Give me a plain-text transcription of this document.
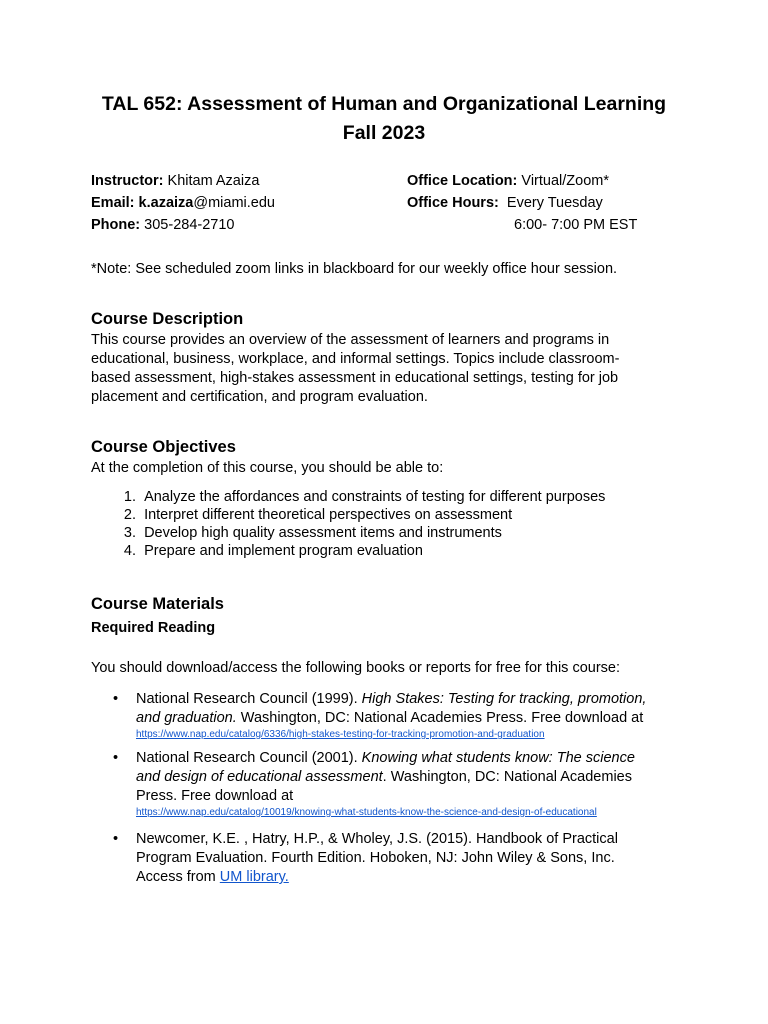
TAL 652: Assessment of Human and Organizational Learning
Fall 2023
Instructor: Khitam Azaiza
Email: k.azaiza@miami.edu
Phone: 305-284-2710
Office Location: Virtual/Zoom*
Office Hours:  Every Tuesday
6:00- 7:00 PM EST
*Note: See scheduled zoom links in blackboard for our weekly office hour session.
Course Description
This course provides an overview of the assessment of learners and programs in
educational, business, workplace, and informal settings. Topics include classroom-
based assessment, high-stakes assessment in educational settings, testing for job
placement and certification, and program evaluation.
Course Objectives
At the completion of this course, you should be able to:
1. Analyze the affordances and constraints of testing for different purposes
2. Interpret different theoretical perspectives on assessment
3. Develop high quality assessment items and instruments
4. Prepare and implement program evaluation
Course Materials
Required Reading
You should download/access the following books or reports for free for this course:
• National Research Council (1999). High Stakes: Testing for tracking, promotion,
and graduation. Washington, DC: National Academies Press. Free download at
https://www.nap.edu/catalog/6336/high-stakes-testing-for-tracking-promotion-and-graduation
• National Research Council (2001). Knowing what students know: The science
and design of educational assessment. Washington, DC: National Academies
Press. Free download at
https://www.nap.edu/catalog/10019/knowing-what-students-know-the-science-and-design-of-educational
• Newcomer, K.E. , Hatry, H.P., & Wholey, J.S. (2015). Handbook of Practical
Program Evaluation. Fourth Edition. Hoboken, NJ: John Wiley & Sons, Inc.
Access from UM library.
